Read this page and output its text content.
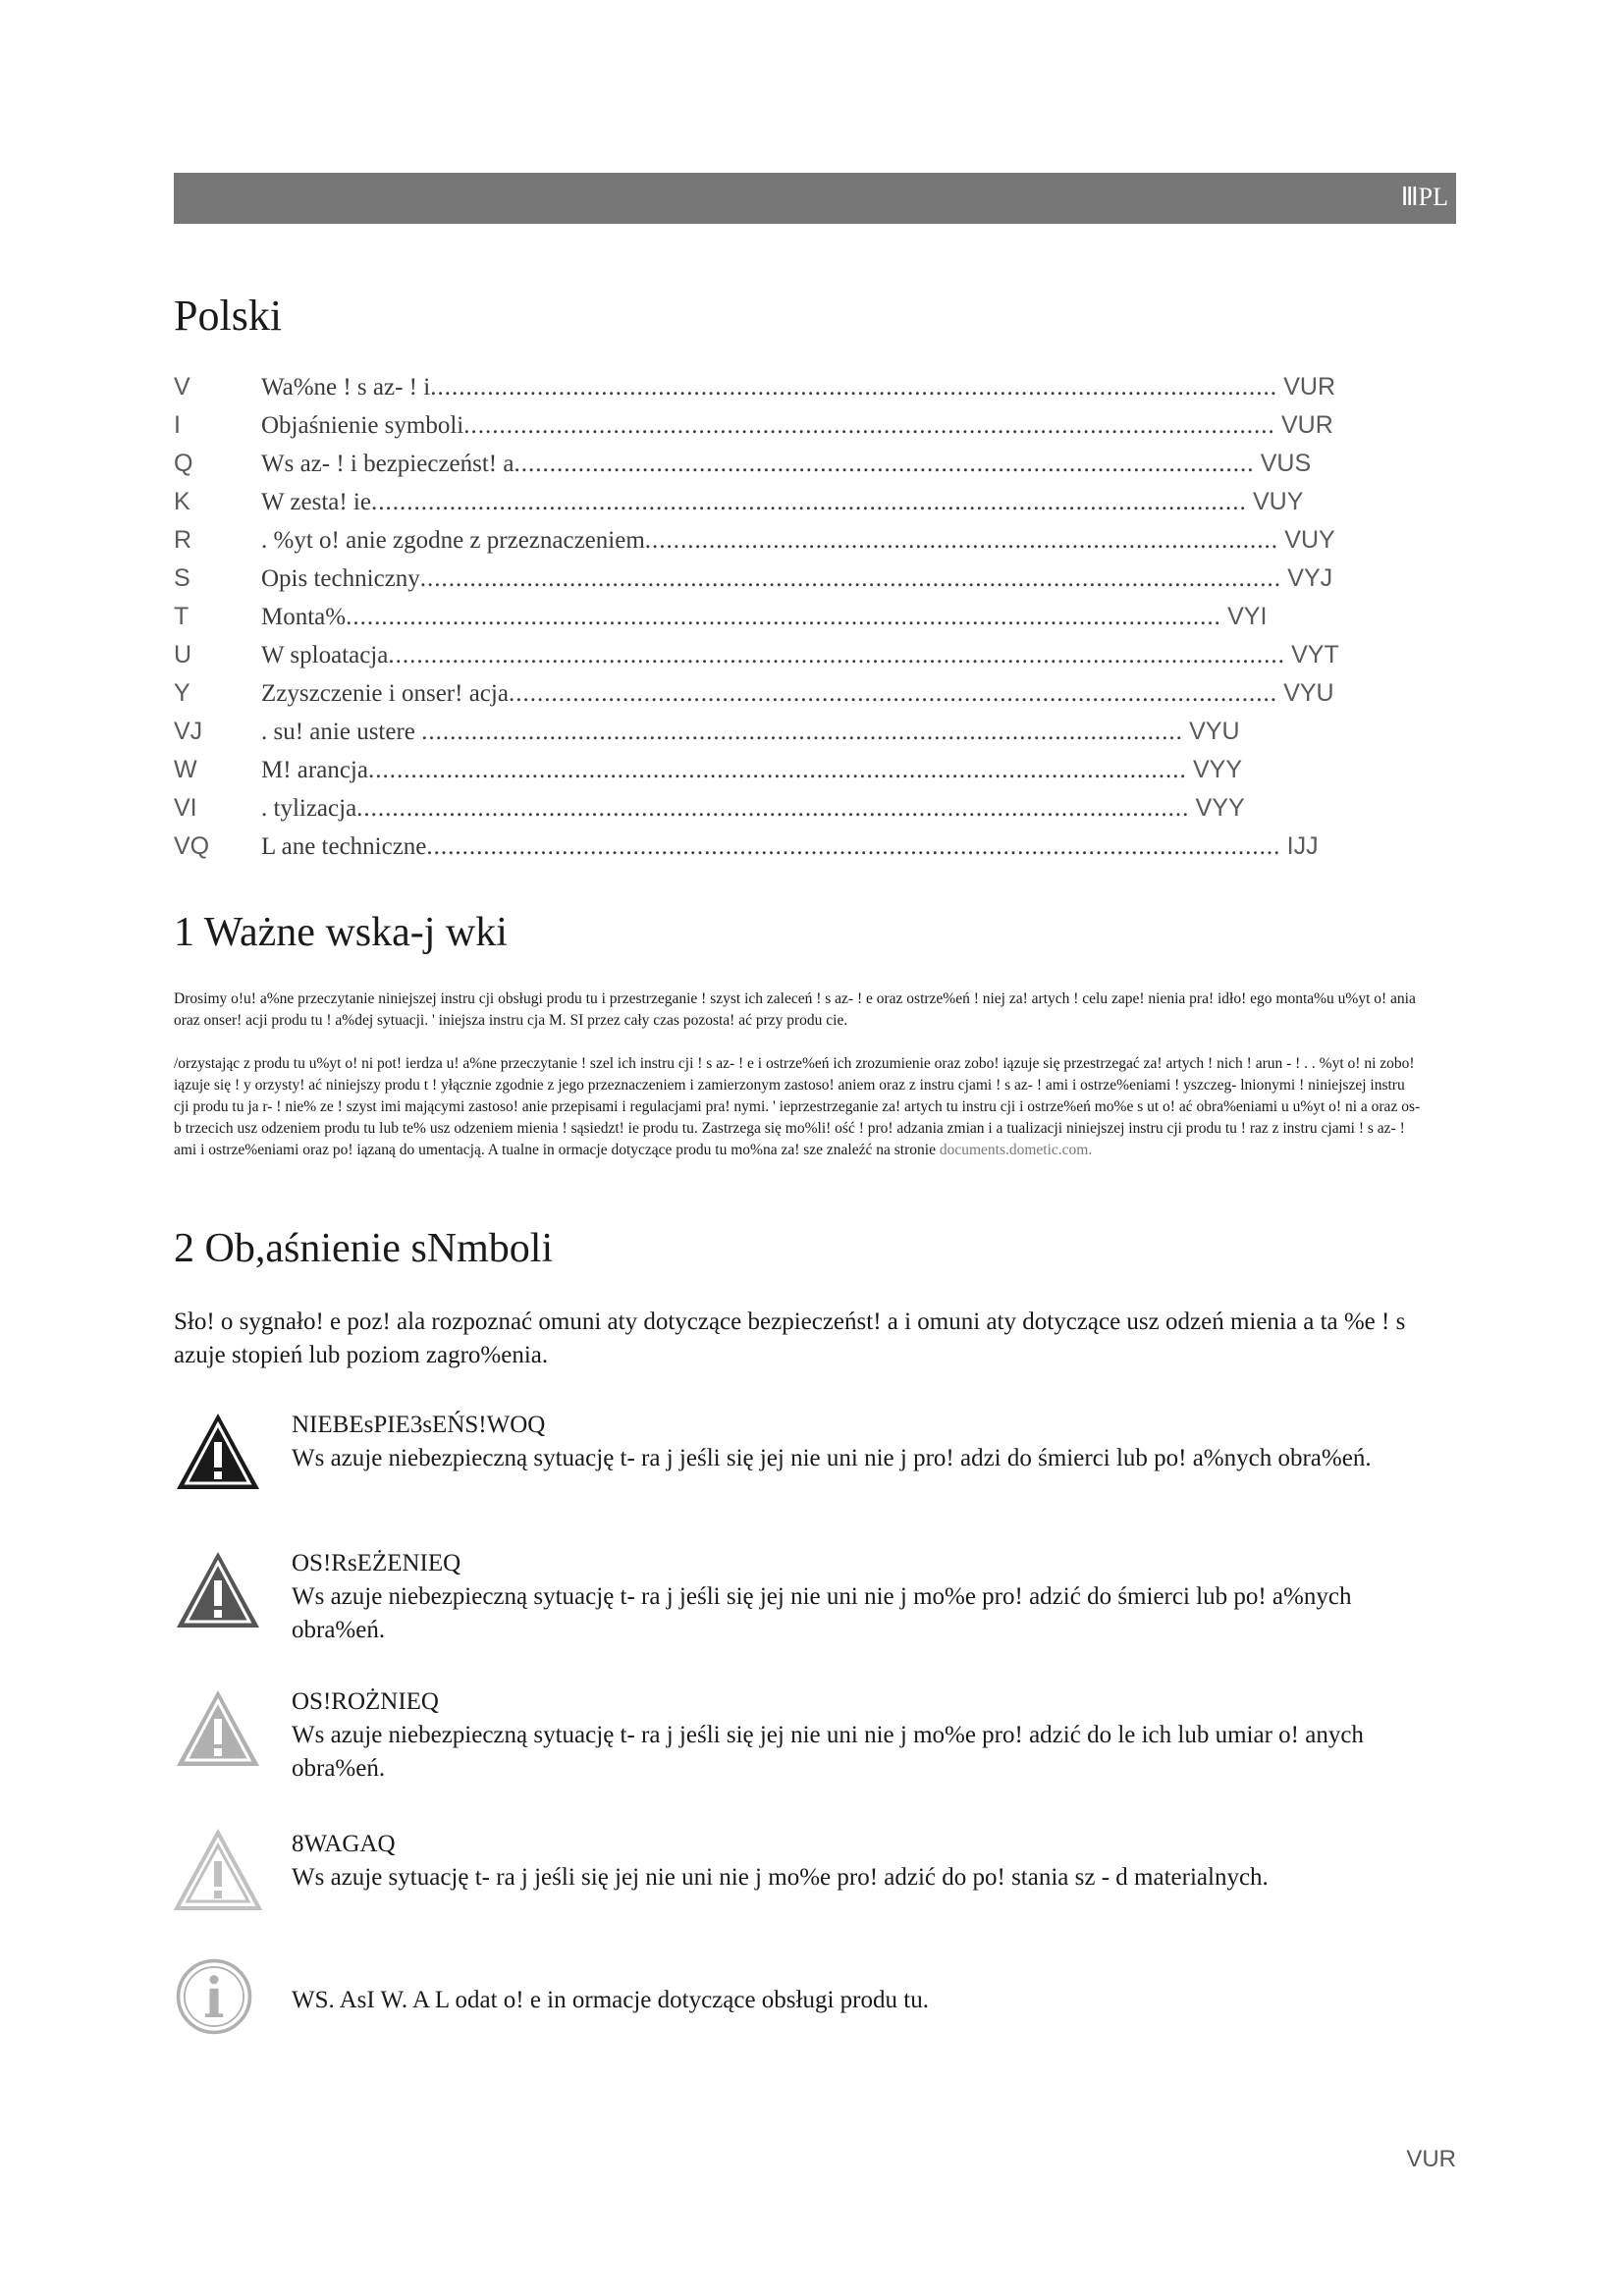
ⅢPL
Polski
V	Wa%ne ! s az- ! i....................................................................................................................... VUR
I	Objaśnienie symboli.................................................................................................................. VUR
Q	Ws az- ! i bezpieczeńst! a........................................................................................................ VUS
K	W zesta! ie........................................................................................................................... VUY
R	. %yt o! anie zgodne z przeznaczeniem......................................................................................... VUY
S	Opis techniczny......................................................................................................................... VYJ
T	Monta%........................................................................................................................... VYI
U	W sploatacja.............................................................................................................................. VYT
Y	Zzyszczenie i onser! acja............................................................................................................ VYU
VJ . su! anie ustere ........................................................................................................... VYU
W	M! arancja................................................................................................................... VYY
VI	. tylizacja..................................................................................................................... VYY
VQ L ane techniczne........................................................................................................................ IJJ
1 Ważne wska-j wki

Drosimy o!u! a%ne przeczytanie niniejszej instru cji obsługi produ tu i przestrzeganie ! szyst ich zaleceń ! s az- ! e oraz ostrze%eń ! niej za! artych ! celu zape! nienia pra! idło! ego monta%u u%yt o! ania oraz onser! acji produ tu ! a%dej sytuacji. ' iniejsza instru cja M. SI przez cały czas pozosta! ać przy produ cie.

/orzystając z produ tu u%yt o! ni pot! ierdza u! a%ne przeczytanie ! szel ich instru cji ! s az- ! e i ostrze%eń ich zrozumienie oraz zobo! iązuje się przestrzegać za! artych ! nich ! arun - ! . . %yt o! ni zobo! iązuje się ! y orzysty! ać niniejszy produ t ! yłącznie zgodnie z jego przeznaczeniem i zamierzonym zastoso! aniem oraz z instru cjami ! s az- ! ami i ostrze%eniami ! yszczeg- lnionymi ! niniejszej instru cji produ tu ja r- ! nie% ze ! szyst imi mającymi zastoso! anie przepisami i regulacjami pra! nymi. ' ieprzestrzeganie za! artych tu instru cji i ostrze%eń mo%e s ut o! ać obra%eniami u u%yt o! ni a oraz os- b trzecich usz odzeniem produ tu lub te% usz odzeniem mienia ! sąsiedzt! ie produ tu. Zastrzega się mo%li! ość ! pro! adzania zmian i a tualizacji niniejszej instru cji produ tu ! raz z instru cjami ! s az- ! ami i ostrze%eniami oraz po! iązaną do umentacją. A tualne in ormacje dotyczące produ tu mo%na za! sze znaleźć na stronie documents.dometic.com.

2 Ob,aśnienie sNmboli

Sło! o sygnało! e poz! ala rozpoznać omuni aty dotyczące bezpieczeńst! a i omuni aty dotyczące usz odzeń mienia a ta %e ! s azuje stopień lub poziom zagro%enia.

NIEBEsPIE3sEŃS!WOQ
Ws azuje niebezpieczną sytuację t- ra j jeśli się jej nie uni nie j pro! adzi do śmierci lub po! a%nych obra%eń.
OS!RsEŻENIEQ
Ws azuje niebezpieczną sytuację t- ra j jeśli się jej nie uni nie j mo%e pro! adzić do śmierci lub po! a%nych obra%eń.
OS!ROŻNIEQ
Ws azuje niebezpieczną sytuację t- ra j jeśli się jej nie uni nie j mo%e pro! adzić do le ich lub umiar o! anych obra%eń.
8WAGAQ
Ws azuje sytuację t- ra j jeśli się jej nie uni nie j mo%e pro! adzić do po! stania sz - d materialnych.
WS. AsI W. A L odat o! e in ormacje dotyczące obsługi produ tu.
VUR
